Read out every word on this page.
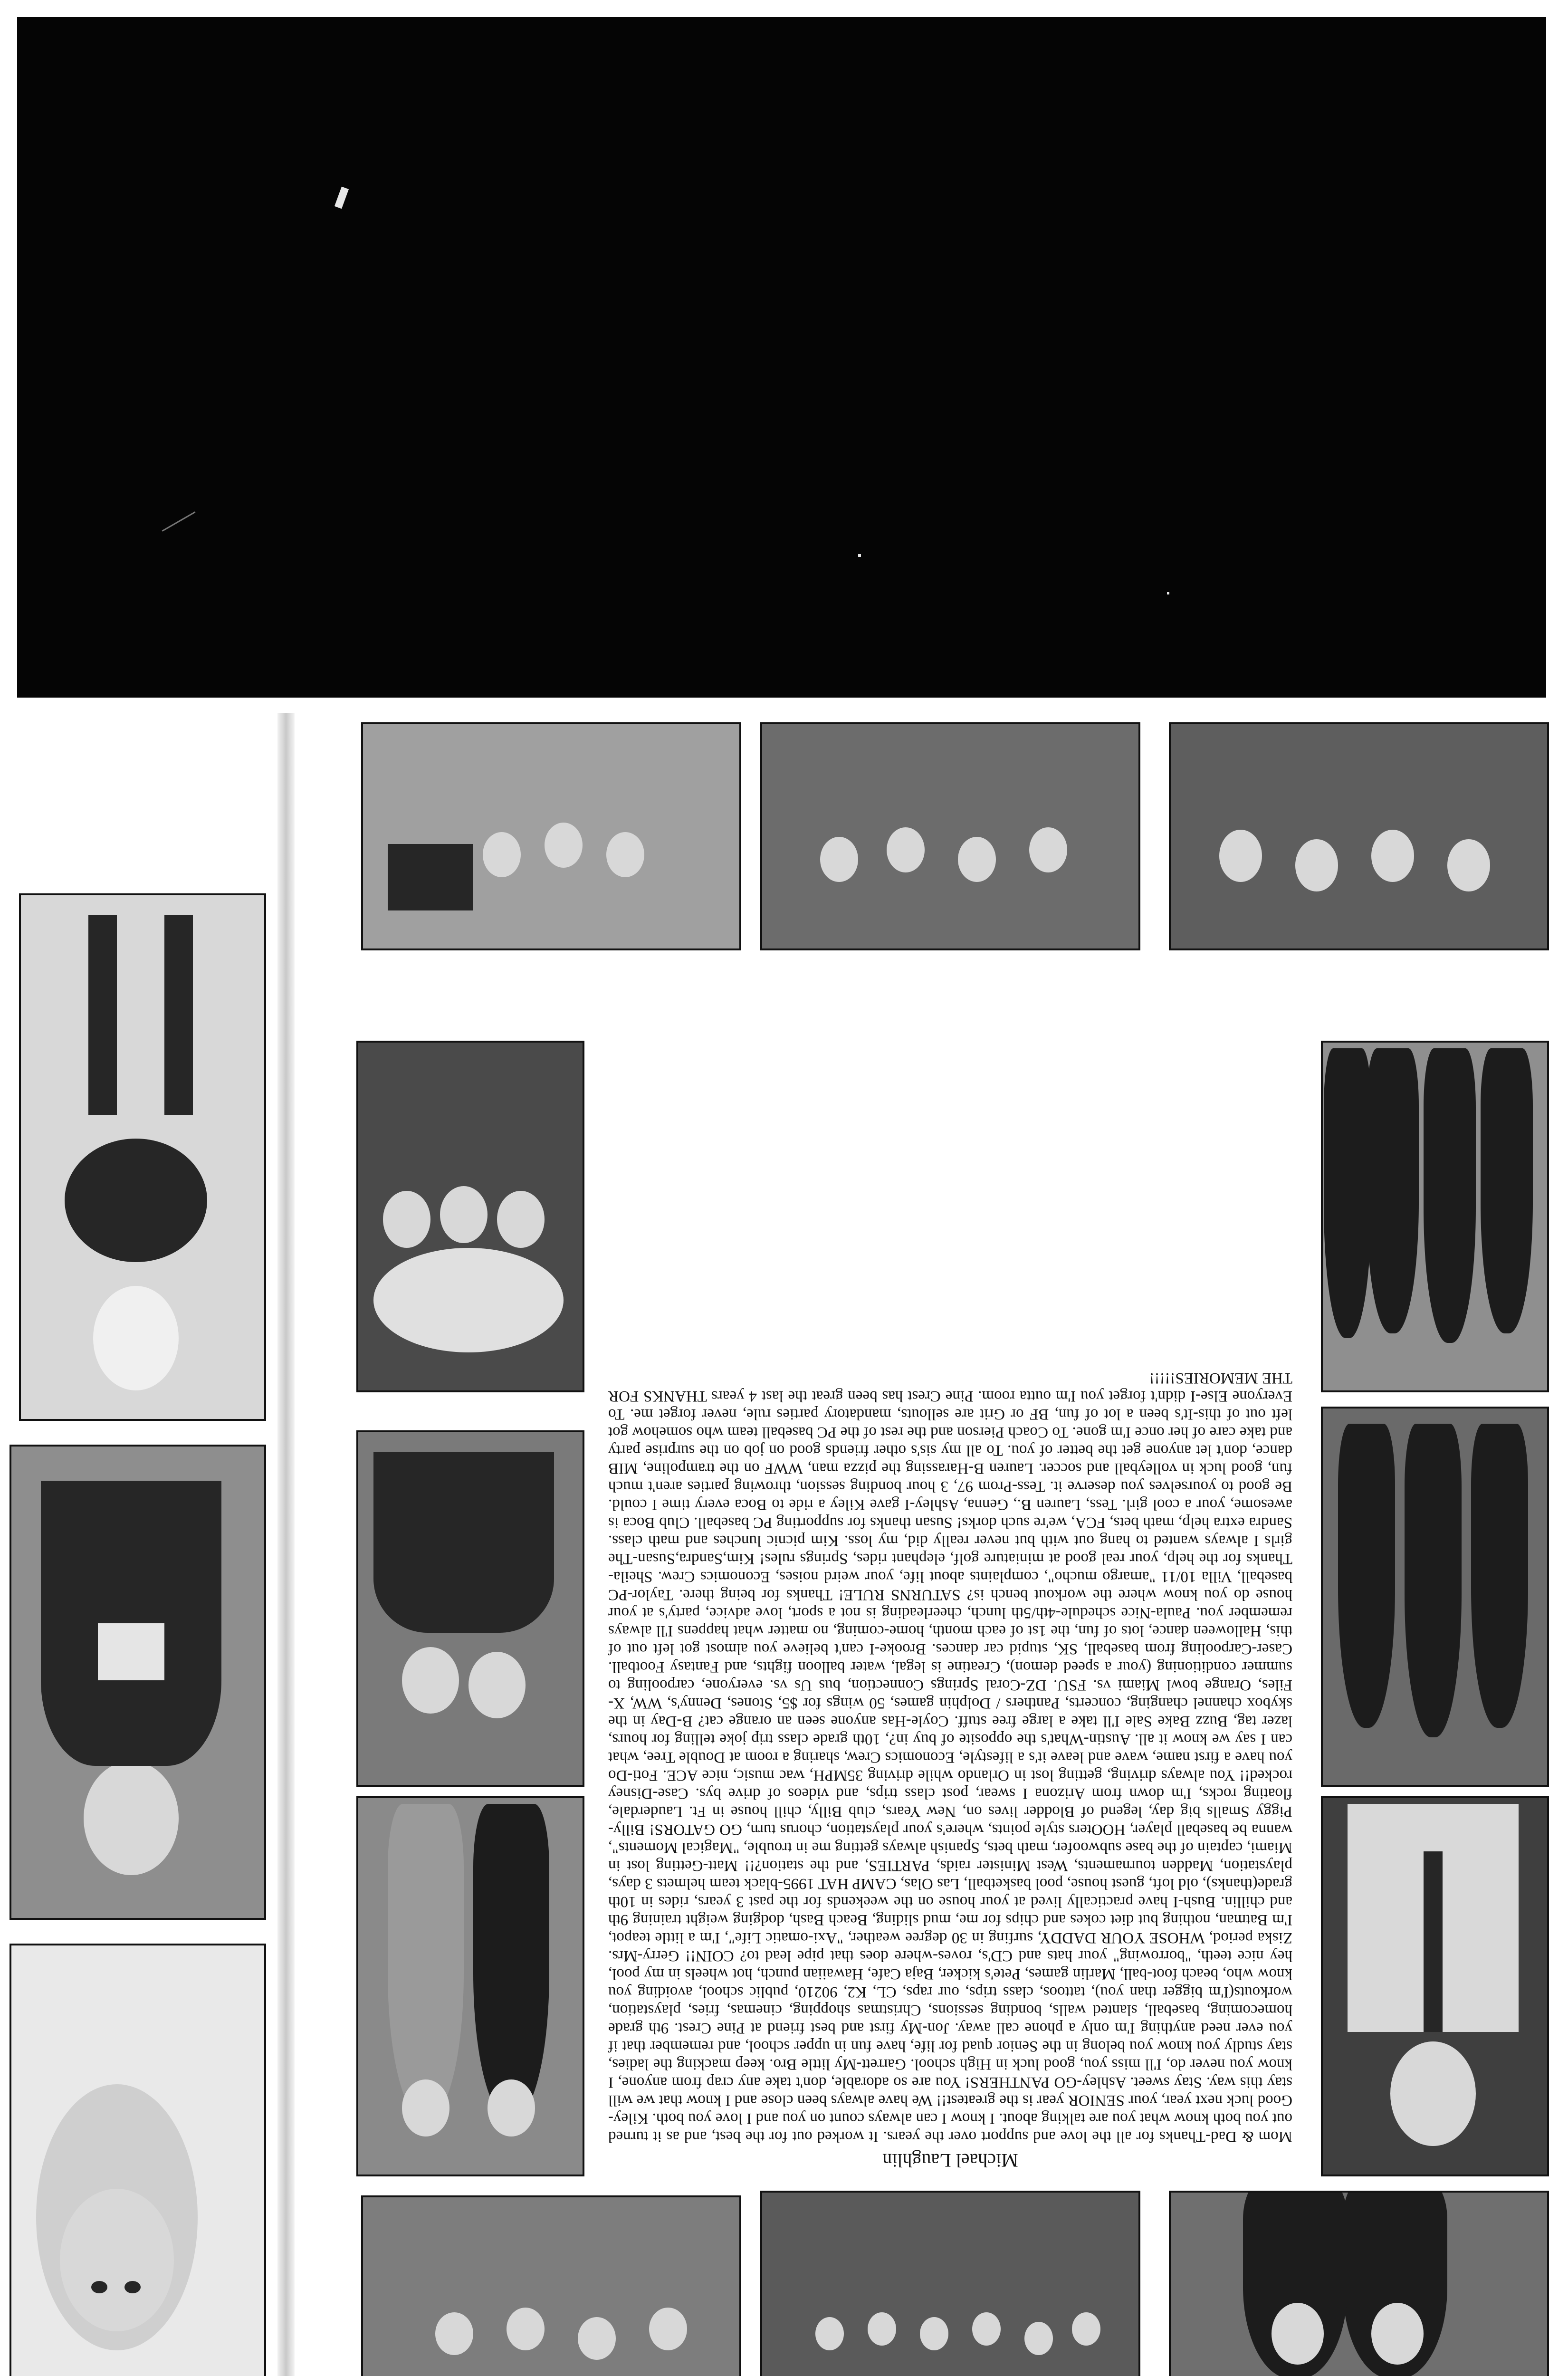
Michael Laughlin

Mom & Dad-Thanks for all the love and support over the years. It worked out for the best, and as it turned out you both know what you are talking about. I know I can always count on you and I love you both. Kiley-Good luck next year, your SENIOR year is the greatest!! We have always been close and I know that we will stay this way. Stay sweet. Ashley-GO PANTHERS! You are so adorable, don't take any crap from anyone, I know you never do, I'll miss you, good luck in High school. Garrett-My little Bro. keep macking the ladies, stay studly you know you belong in the Senior quad for life, have fun in upper school, and remember that if you ever need anything I'm only a phone call away. Jon-My first and best friend at Pine Crest. 9th grade homecoming, baseball, slanted walls, bonding sessions, Christmas shopping, cinemas, fries, playstation, workouts(I'm bigger than you), tattoos, class trips, our raps, CL, K2, 90210, public school, avoiding you know who, beach foot-ball, Marlin games, Pete's kicker, Baja Cafe, Hawaiian punch, hot wheels in my pool, hey nice teeth, "borrowing" your hats and CD's, roves-where does that pipe lead to? COIN!! Gerry-Mrs. Ziska period, WHOSE YOUR DADDY, surfing in 30 degree weather, "Axi-omatic Life", I'm a little teapot, I'm Batman, nothing but diet cokes and chips for me, mud sliding, Beach Bash, dodging weight training 9th and chillin. Bush-I have practically lived at your house on the weekends for the past 3 years, rides in 10th grade(thanks), old loft, guest house, pool basketball, Las Olas, CAMP HAT 1995-black team helmets 3 days, playstation, Madden tournaments, West Minister raids, PARTIES, and the station?!! Matt-Getting lost in Miami, captain of the base subwoofer, math bets, Spanish always getting me in trouble, "Magical Moments", wanna be baseball player, HOOters style points, where's your playstation, chorus turn, GO GATORS! Billy-Piggy Smalls big day, legend of Blodder lives on, New Years, club Billy, chill house in Ft. Lauderdale, floating rocks, I'm down from Arizona I swear, post class trips, and videos of drive bys. Case-Disney rocked!! You always driving, getting lost in Orlando while driving 35MPH, wac music, nice ACE. Foti-Do you have a first name, wave and leave it's a lifestyle, Economics Crew, sharing a room at Double Tree, what can I say we know it all. Austin-What's the opposite of buy in?, 10th grade class trip joke telling for hours, lazer tag, Buzz Bake Sale I'll take a large free stuff. Coyle-Has anyone seen an orange cat? B-Day in the skybox channel changing, concerts, Panthers / Dolphin games, 50 wings for $5, Stones, Denny's, WW, X-Files, Orange bowl Miami vs. FSU. DZ-Coral Springs Connection, bus Us vs. everyone, carpooling to summer conditioning (your a speed demon), Creatine is legal, water balloon fights, and Fantasy Football. Caser-Carpooling from baseball, SK, stupid car dances. Brooke-I can't believe you almost got left out of this, Halloween dance, lots of fun, the 1st of each month, home-coming, no matter what happens I'll always remember you. Paula-Nice schedule-4th/5th lunch, cheerleading is not a sport, love advice, party's at your house do you know where the workout bench is? SATURNS RULE! Thanks for being there. Taylor-PC baseball, Villa 10/11 "amargo mucho", complaints about life, your weird noises, Economics Crew. Sheila-Thanks for the help, your real good at miniature golf, elephant rides, Springs rules! Kim,Sandra,Susan-The girls I always wanted to hang out with but never really did, my loss. Kim picnic lunches and math class. Sandra extra help, math bets, FCA, we're such dorks! Susan thanks for supporting PC baseball. Club Boca is awesome, your a cool girl. Tess, Lauren B., Genna, Ashley-I gave Kiley a ride to Boca every time I could. Be good to yourselves you deserve it. Tess-Prom 97, 3 hour bonding session, throwing parties aren't much fun, good luck in volleyball and soccer. Lauren B-Harassing the pizza man, WWF on the trampoline, MIB dance, don't let anyone get the better of you. To all my sis's other friends good on job on the surprise party and take care of her once I'm gone. To Coach Pierson and the rest of the PC baseball team who somehow got left out of this-It's been a lot of fun, BF or Grit are sellouts, mandatory parties rule, never forget me. To Everyone Else-I didn't forget you I'm outta room. Pine Crest has been great the last 4 years THANKS FOR THE MEMORIES!!!!!
